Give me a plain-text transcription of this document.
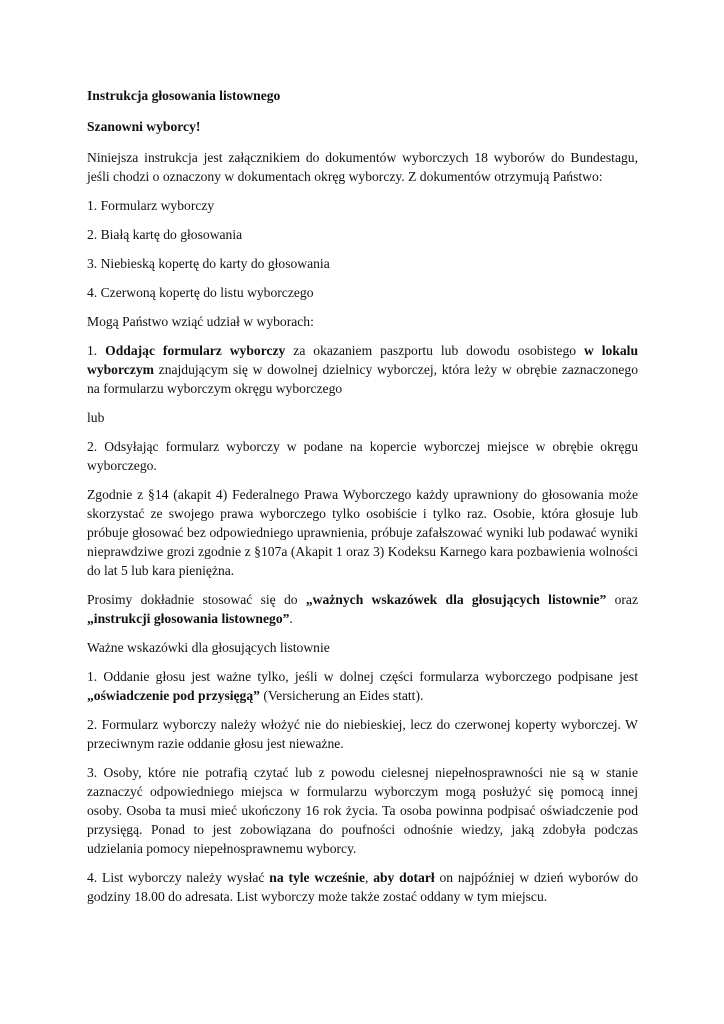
Instrukcja głosowania listownego

Szanowni wyborcy!

Niniejsza instrukcja jest załącznikiem do dokumentów wyborczych 18 wyborów do Bundestagu, jeśli chodzi o oznaczony w dokumentach okręg wyborczy. Z dokumentów otrzymują Państwo:

1. Formularz wyborczy

2. Białą kartę do głosowania

3. Niebieską kopertę do karty do głosowania

4. Czerwoną kopertę do listu wyborczego

Mogą Państwo wziąć udział w wyborach:

1. Oddając formularz wyborczy za okazaniem paszportu lub dowodu osobistego w lokalu wyborczym znajdującym się w dowolnej dzielnicy wyborczej, która leży w obrębie zaznaczonego na formularzu wyborczym okręgu wyborczego

lub

2. Odsyłając formularz wyborczy w podane na kopercie wyborczej miejsce w obrębie okręgu wyborczego.

Zgodnie z §14 (akapit 4) Federalnego Prawa Wyborczego każdy uprawniony do głosowania może skorzystać ze swojego prawa wyborczego tylko osobiście i tylko raz. Osobie, która głosuje lub próbuje głosować bez odpowiedniego uprawnienia, próbuje zafałszować wyniki lub podawać wyniki nieprawdziwe grozi zgodnie z §107a (Akapit 1 oraz 3) Kodeksu Karnego kara pozbawienia wolności do lat 5 lub kara pieniężna.

Prosimy dokładnie stosować się do „ważnych wskazówek dla głosujących listownie” oraz „instrukcji głosowania listownego”.

Ważne wskazówki dla głosujących listownie

1. Oddanie głosu jest ważne tylko, jeśli w dolnej części formularza wyborczego podpisane jest „oświadczenie pod przysięgą” (Versicherung an Eides statt).

2. Formularz wyborczy należy włożyć nie do niebieskiej, lecz do czerwonej koperty wyborczej. W przeciwnym razie oddanie głosu jest nieważne.

3. Osoby, które nie potrafią czytać lub z powodu cielesnej niepełnosprawności nie są w stanie zaznaczyć odpowiedniego miejsca w formularzu wyborczym mogą posłużyć się pomocą innej osoby. Osoba ta musi mieć ukończony 16 rok życia. Ta osoba powinna podpisać oświadczenie pod przysięgą. Ponad to jest zobowiązana do poufności odnośnie wiedzy, jaką zdobyła podczas udzielania pomocy niepełnosprawnemu wyborcy.

4. List wyborczy należy wysłać na tyle wcześnie, aby dotarł on najpóźniej w dzień wyborów do godziny 18.00 do adresata. List wyborczy może także zostać oddany w tym miejscu.
